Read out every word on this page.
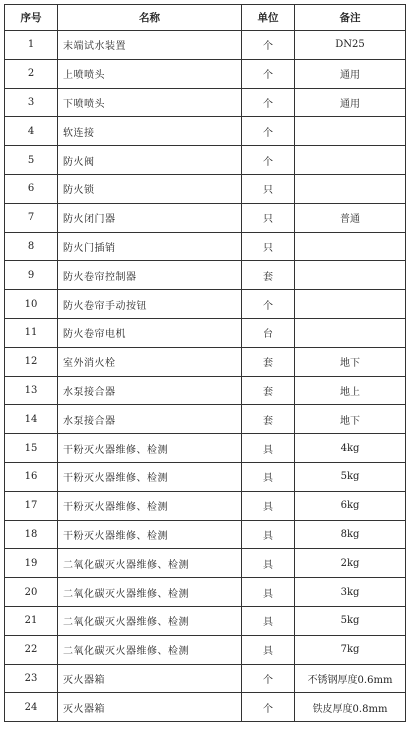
序号	名称	单位	备注
1	末端试水装置	个	DN25
2	上喷喷头	个	通用
3	下喷喷头	个	通用
4	软连接	个	
5	防火阀	个	
6	防火锁	只	
7	防火闭门器	只	普通
8	防火门插销	只	
9	防火卷帘控制器	套	
10	防火卷帘手动按钮	个	
11	防火卷帘电机	台	
12	室外消火栓	套	地下
13	水泵接合器	套	地上
14	水泵接合器	套	地下
15	干粉灭火器维修、检测	具	4kg
16	干粉灭火器维修、检测	具	5kg
17	干粉灭火器维修、检测	具	6kg
18	干粉灭火器维修、检测	具	8kg
19	二氧化碳灭火器维修、检测	具	2kg
20	二氧化碳灭火器维修、检测	具	3kg
21	二氧化碳灭火器维修、检测	具	5kg
22	二氧化碳灭火器维修、检测	具	7kg
23	灭火器箱	个	不锈钢厚度0.6mm
24	灭火器箱	个	铁皮厚度0.8mm
